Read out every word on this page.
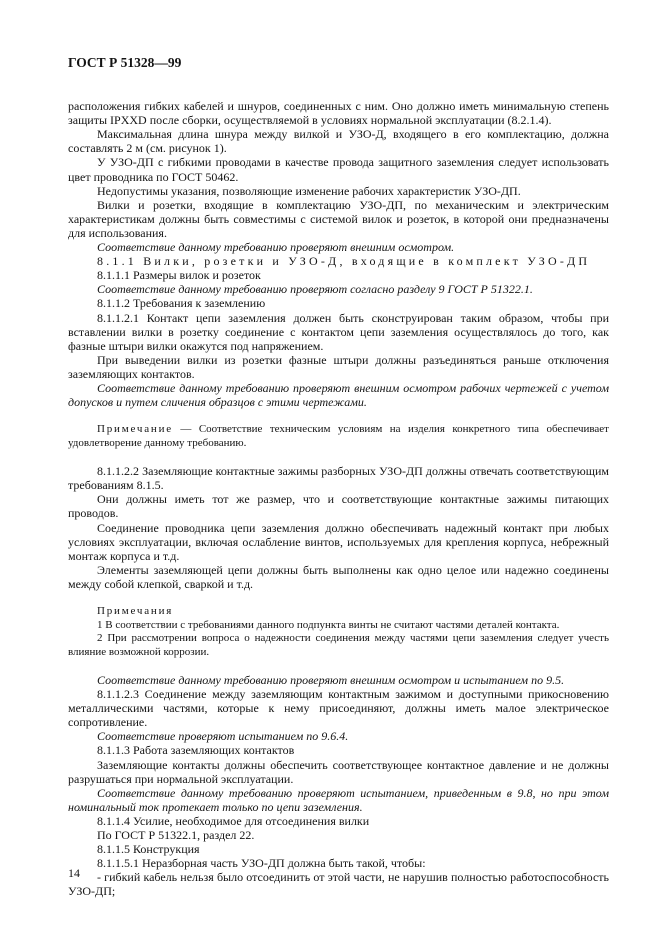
ГОСТ Р 51328—99

расположения гибких кабелей и шнуров, соединенных с ним. Оно должно иметь минимальную степень защиты IPXXD после сборки, осуществляемой в условиях нормальной эксплуатации (8.2.1.4).

Максимальная длина шнура между вилкой и УЗО-Д, входящего в его комплектацию, должна составлять 2 м (см. рисунок 1).

У УЗО-ДП с гибкими проводами в качестве провода защитного заземления следует использовать цвет проводника по ГОСТ 50462.

Недопустимы указания, позволяющие изменение рабочих характеристик УЗО-ДП.

Вилки и розетки, входящие в комплектацию УЗО-ДП, по механическим и электрическим характеристикам должны быть совместимы с системой вилок и розеток, в которой они предназначены для использования.

Соответствие данному требованию проверяют внешним осмотром.

8.1.1 Вилки, розетки и УЗО-Д, входящие в комплект УЗО-ДП

8.1.1.1 Размеры вилок и розеток

Соответствие данному требованию проверяют согласно разделу 9 ГОСТ Р 51322.1.

8.1.1.2 Требования к заземлению

8.1.1.2.1 Контакт цепи заземления должен быть сконструирован таким образом, чтобы при вставлении вилки в розетку соединение с контактом цепи заземления осуществлялось до того, как фазные штыри вилки окажутся под напряжением.

При выведении вилки из розетки фазные штыри должны разъединяться раньше отключения заземляющих контактов.

Соответствие данному требованию проверяют внешним осмотром рабочих чертежей с учетом допусков и путем сличения образцов с этими чертежами.

Примечание — Соответствие техническим условиям на изделия конкретного типа обеспечивает удовлетворение данному требованию.

8.1.1.2.2 Заземляющие контактные зажимы разборных УЗО-ДП должны отвечать соответствующим требованиям 8.1.5.

Они должны иметь тот же размер, что и соответствующие контактные зажимы питающих проводов.

Соединение проводника цепи заземления должно обеспечивать надежный контакт при любых условиях эксплуатации, включая ослабление винтов, используемых для крепления корпуса, небрежный монтаж корпуса и т.д.

Элементы заземляющей цепи должны быть выполнены как одно целое или надежно соединены между собой клепкой, сваркой и т.д.

Примечания

1 В соответствии с требованиями данного подпункта винты не считают частями деталей контакта.

2 При рассмотрении вопроса о надежности соединения между частями цепи заземления следует учесть влияние возможной коррозии.

Соответствие данному требованию проверяют внешним осмотром и испытанием по 9.5.

8.1.1.2.3 Соединение между заземляющим контактным зажимом и доступными прикосновению металлическими частями, которые к нему присоединяют, должны иметь малое электрическое сопротивление.

Соответствие проверяют испытанием по 9.6.4.

8.1.1.3 Работа заземляющих контактов

Заземляющие контакты должны обеспечить соответствующее контактное давление и не должны разрушаться при нормальной эксплуатации.

Соответствие данному требованию проверяют испытанием, приведенным в 9.8, но при этом номинальный ток протекает только по цепи заземления.

8.1.1.4 Усилие, необходимое для отсоединения вилки

По ГОСТ Р 51322.1, раздел 22.

8.1.1.5 Конструкция

8.1.1.5.1 Неразборная часть УЗО-ДП должна быть такой, чтобы:

- гибкий кабель нельзя было отсоединить от этой части, не нарушив полностью работоспособность УЗО-ДП;

14
